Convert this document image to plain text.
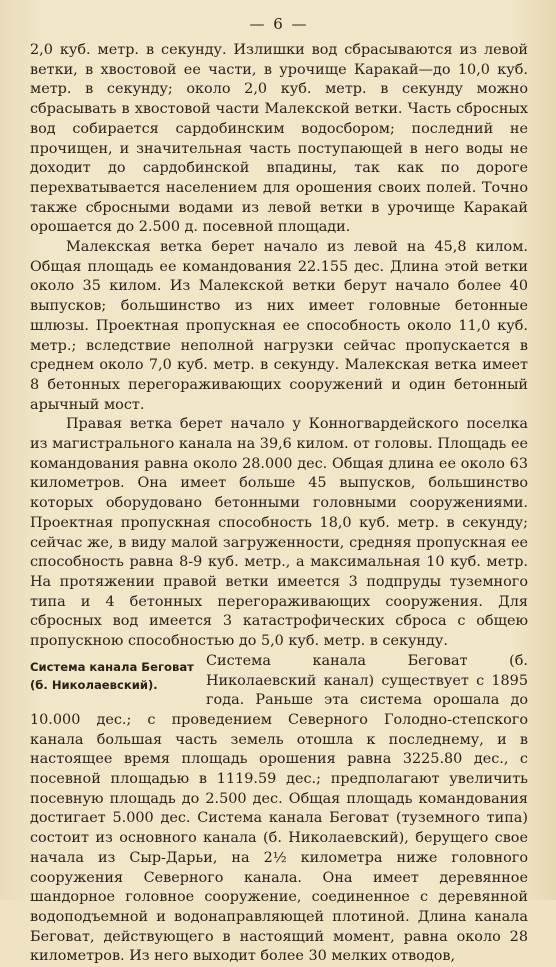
— 6 —

2,0 куб. метр. в секунду. Излишки вод сбрасываются из левой ветки, в хвостовой ее части, в урочище Каракай—до 10,0 куб. метр. в секунду; около 2,0 куб. метр. в секунду можно сбрасывать в хвостовой части Малекской ветки. Часть сбросных вод собирается сардобинским водосбором; последний не прочищен, и значительная часть поступающей в него воды не доходит до сардобинской впадины, так как по дороге перехватывается населением для орошения своих полей. Точно также сбросными водами из левой ветки в урочище Каракай орошается до 2.500 д. посевной площади.

Малекская ветка берет начало из левой на 45,8 килом. Общая площадь ее командования 22.155 дес. Длина этой ветки около 35 килом. Из Малекской ветки берут начало более 40 выпусков; большинство из них имеет головные бетонные шлюзы. Проектная пропускная ее способность около 11,0 куб. метр.; вследствие неполной нагрузки сейчас пропускается в среднем около 7,0 куб. метр. в секунду. Малекская ветка имеет 8 бетонных перегораживающих сооружений и один бетонный арычный мост.

Правая ветка берет начало у Конногвардейского поселка из магистрального канала на 39,6 килом. от головы. Площадь ее командования равна около 28.000 дес. Общая длина ее около 63 километров. Она имеет больше 45 выпусков, большинство которых оборудовано бетонными головными сооружениями. Проектная пропускная способность 18,0 куб. метр. в секунду; сейчас же, в виду малой загруженности, средняя пропускная ее способность равна 8-9 куб. метр., а максимальная 10 куб. метр. На протяжении правой ветки имеется 3 подпруды туземного типа и 4 бетонных перегораживающих сооружения. Для сбросных вод имеется 3 катастрофических сброса с общею пропускною способностью до 5,0 куб. метр. в секунду.

Система канала Беговат (б. Николаевский).

Система канала Беговат (б. Николаевский канал) существует с 1895 года. Раньше эта система орошала до 10.000 дес.; с проведением Северного Голодно-степского канала большая часть земель отошла к последнему, и в настоящее время площадь орошения равна 3225.80 дес., с посевной площадью в 1119.59 дес.; предполагают увеличить посевную площадь до 2.500 дес. Общая площадь командования достигает 5.000 дес. Система канала Беговат (туземного типа) состоит из основного канала (б. Николаевский), берущего свое начала из Сыр-Дарьи, на 2½ километра ниже головного сооружения Северного канала. Она имеет деревянное шандорное головное сооружение, соединенное с деревянной водоподъемной и водонаправляющей плотиной. Длина канала Беговат, действующего в настоящий момент, равна около 28 километров. Из него выходит более 30 мелких отводов,
